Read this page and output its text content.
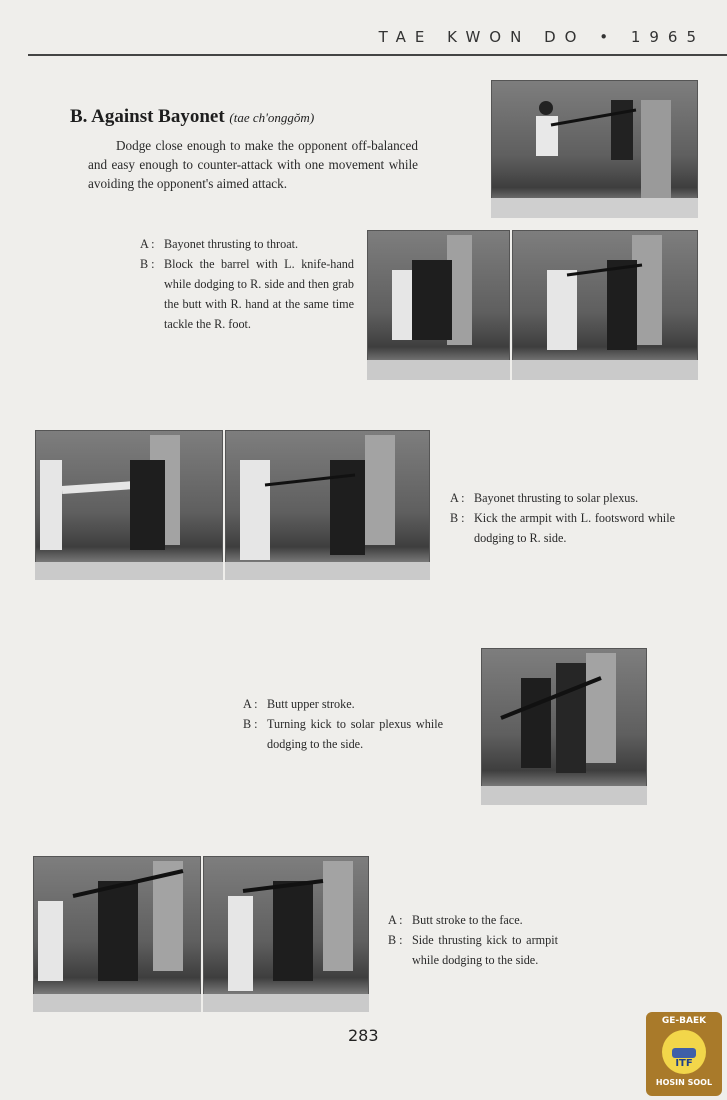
TAE KWON DO • 1965
B. Against Bayonet (tae ch'onggŏm)
Dodge close enough to make the opponent off-balanced and easy enough to counter-attack with one movement while avoiding the opponent's aimed attack.
A : Bayonet thrusting to throat.
B : Block the barrel with L. knife-hand while dodging to R. side and then grab the butt with R. hand at the same time tackle the R. foot.
A : Bayonet thrusting to solar plexus.
B : Kick the armpit with L. footsword while dodging to R. side.
A : Butt upper stroke.
B : Turning kick to solar plexus while dodging to the side.
A : Butt stroke to the face.
B : Side thrusting kick to armpit while dodging to the side.
283
GE-BAEK
ITF
HOSIN SOOL
